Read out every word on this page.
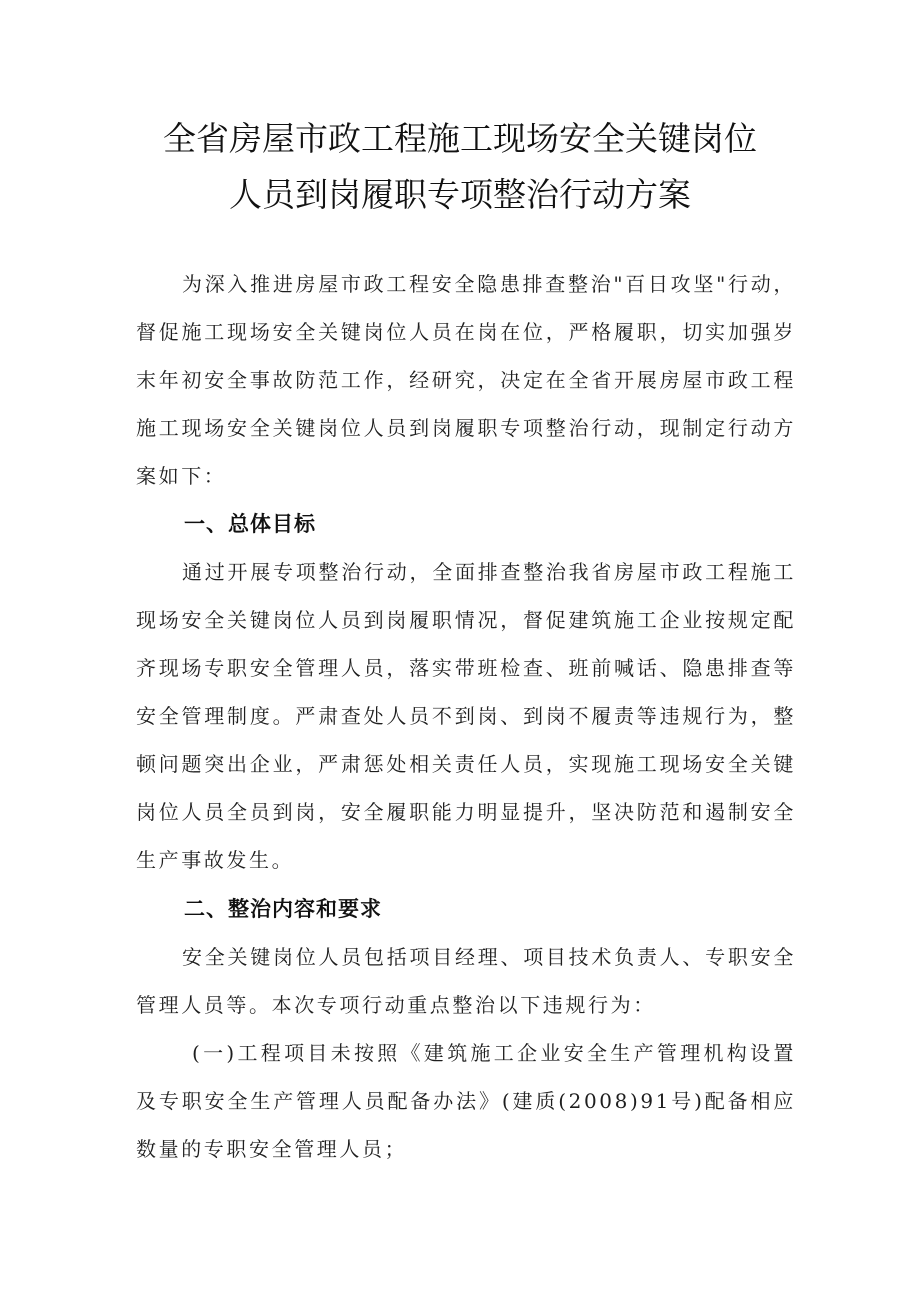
全省房屋市政工程施工现场安全关键岗位
人员到岗履职专项整治行动方案

为深入推进房屋市政工程安全隐患排查整治"百日攻坚"行动，督促施工现场安全关键岗位人员在岗在位，严格履职，切实加强岁末年初安全事故防范工作，经研究，决定在全省开展房屋市政工程施工现场安全关键岗位人员到岗履职专项整治行动，现制定行动方案如下：

一、总体目标

通过开展专项整治行动，全面排查整治我省房屋市政工程施工现场安全关键岗位人员到岗履职情况，督促建筑施工企业按规定配齐现场专职安全管理人员，落实带班检查、班前喊话、隐患排查等安全管理制度。严肃查处人员不到岗、到岗不履责等违规行为，整顿问题突出企业，严肃惩处相关责任人员，实现施工现场安全关键岗位人员全员到岗，安全履职能力明显提升，坚决防范和遏制安全生产事故发生。

二、整治内容和要求

安全关键岗位人员包括项目经理、项目技术负责人、专职安全管理人员等。本次专项行动重点整治以下违规行为：

(一)工程项目未按照《建筑施工企业安全生产管理机构设置及专职安全生产管理人员配备办法》(建质(2008)91号)配备相应数量的专职安全管理人员；
